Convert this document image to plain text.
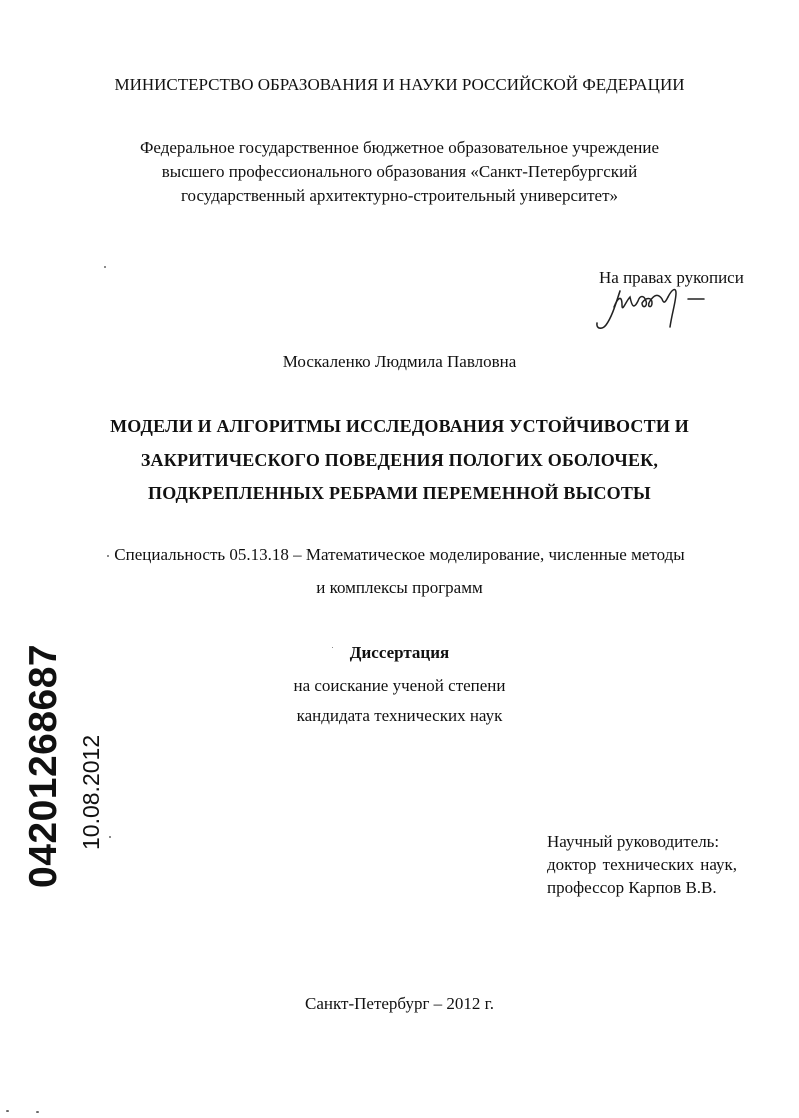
МИНИСТЕРСТВО ОБРАЗОВАНИЯ И НАУКИ РОССИЙСКОЙ ФЕДЕРАЦИИ
Федеральное государственное бюджетное образовательное учреждение
высшего профессионального образования «Санкт-Петербургский
государственный архитектурно-строительный университет»
На правах рукописи
Москаленко Людмила Павловна
МОДЕЛИ И АЛГОРИТМЫ ИССЛЕДОВАНИЯ УСТОЙЧИВОСТИ И
ЗАКРИТИЧЕСКОГО ПОВЕДЕНИЯ ПОЛОГИХ ОБОЛОЧЕК,
ПОДКРЕПЛЕННЫХ РЕБРАМИ ПЕРЕМЕННОЙ ВЫСОТЫ
Специальность 05.13.18 – Математическое моделирование, численные методы
и комплексы программ
Диссертация
на соискание ученой степени
кандидата технических наук
Научный руководитель:
доктор технических наук,
профессор Карпов В.В.
Санкт-Петербург – 2012 г.
04201268687 10.08.2012
